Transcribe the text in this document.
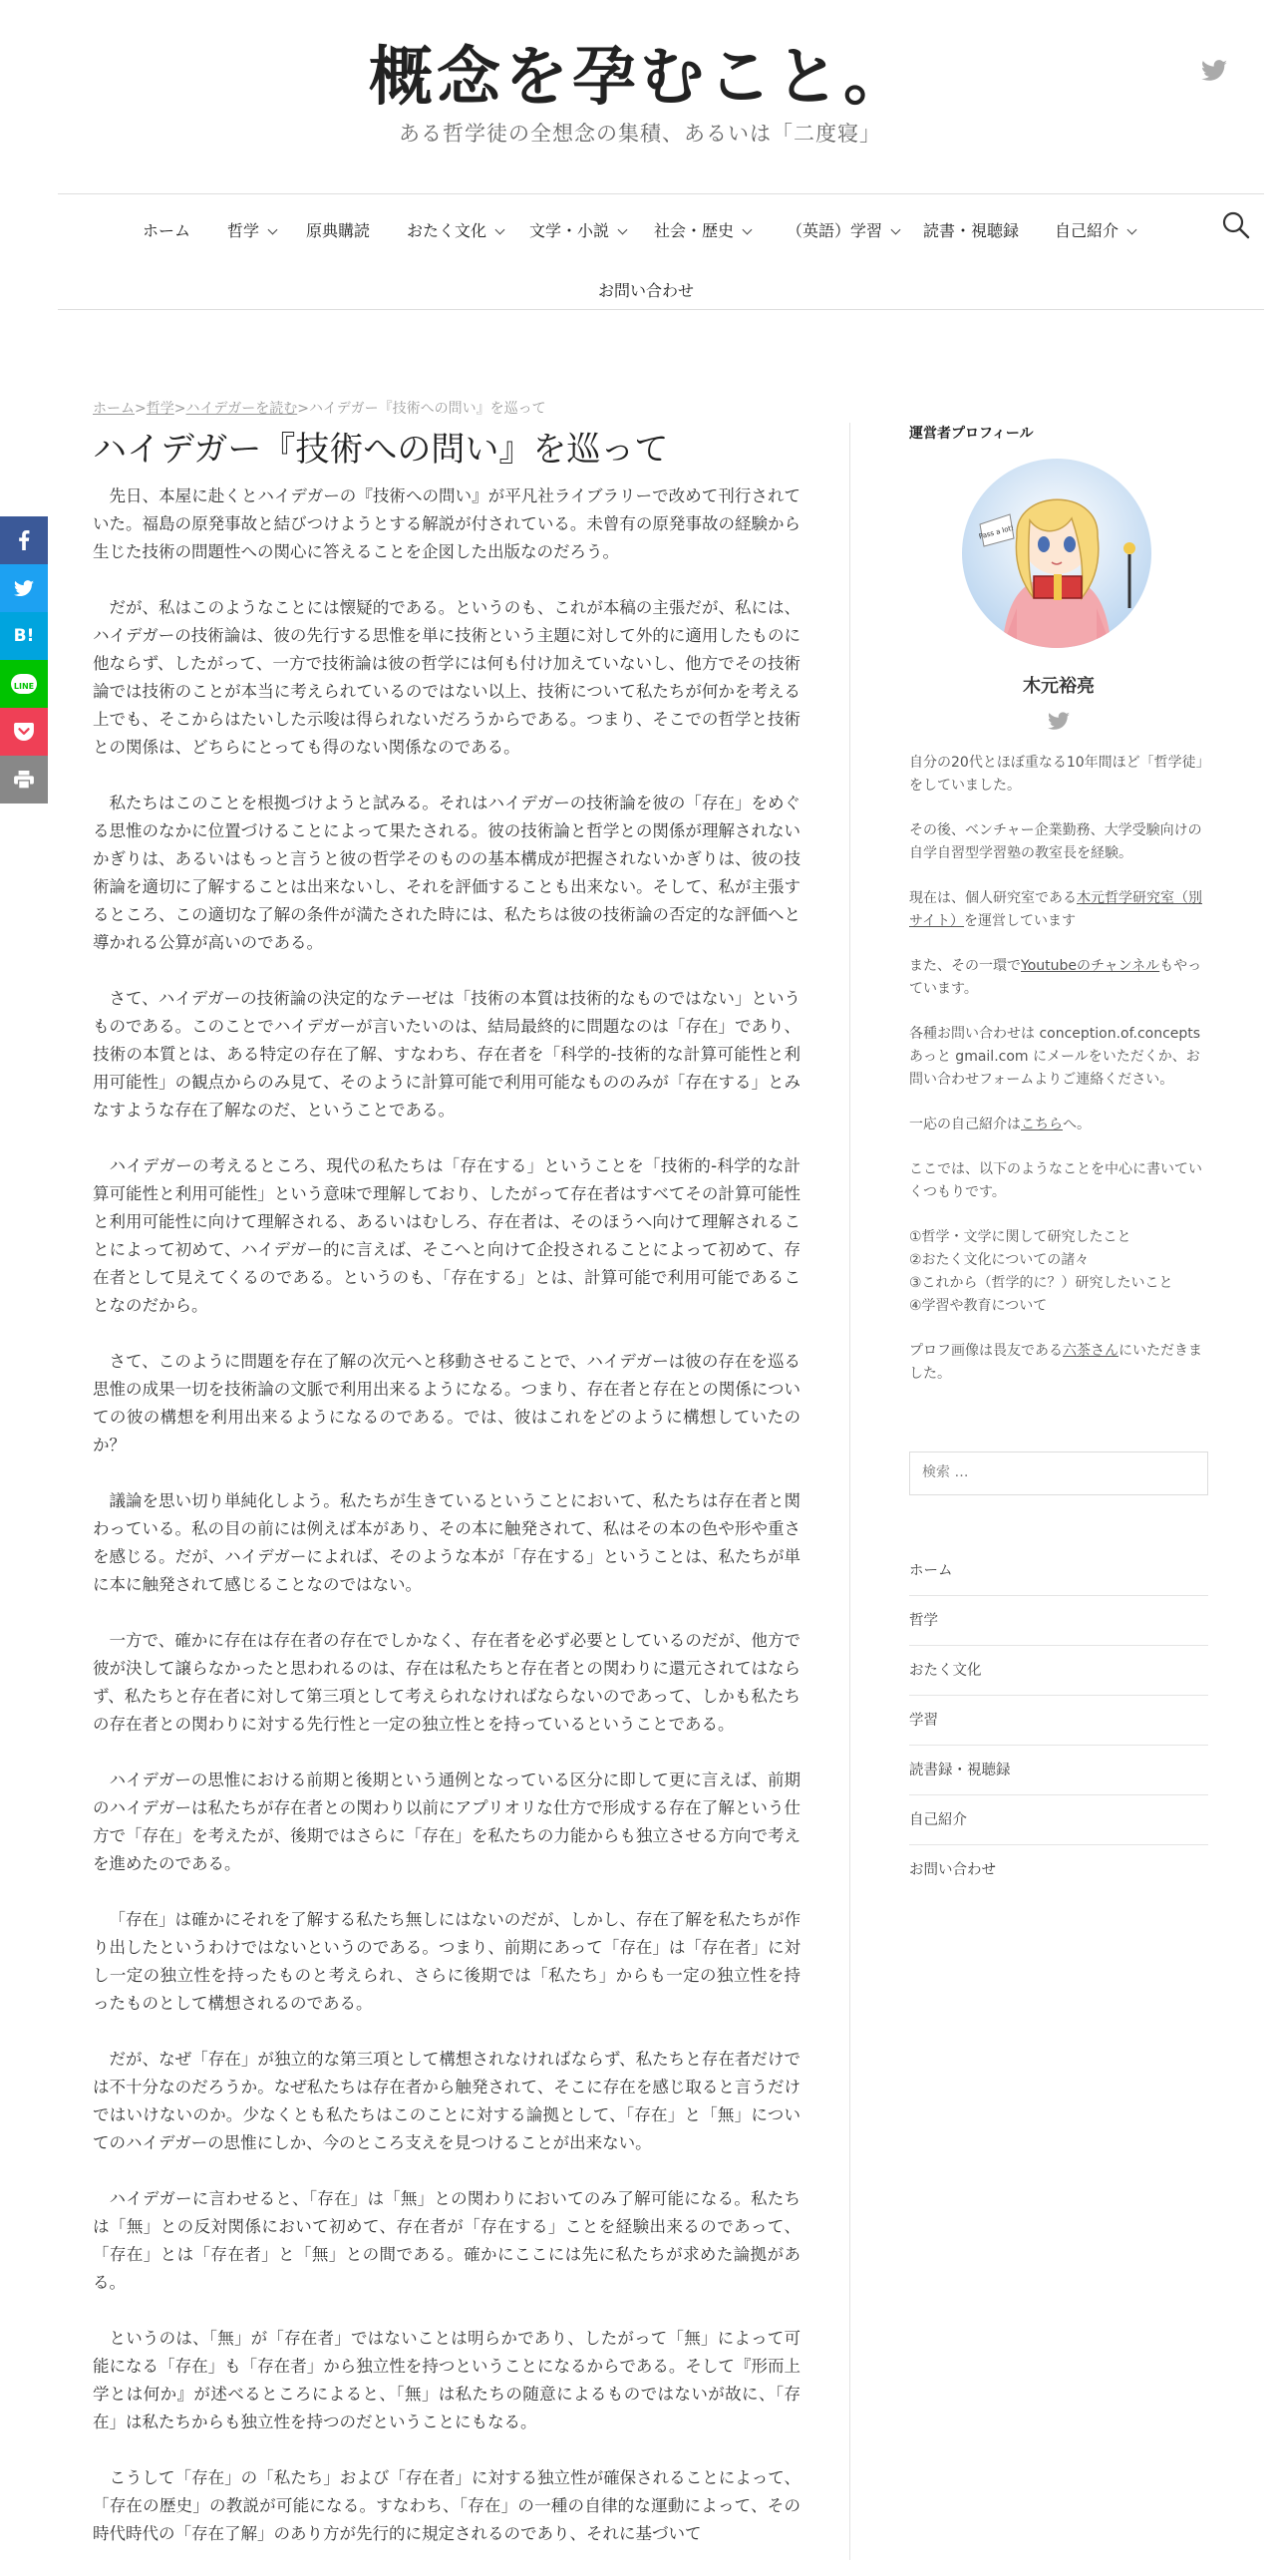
概念を孕むこと。
ある哲学徒の全想念の集積、あるいは「二度寝」
ホーム 哲学	原典購読 おたく文化	文学・小説	社会・歴史	（英語）学習	読書・視聴録 自己紹介
お問い合わせ
B!
LINE
ホーム>哲学>ハイデガーを読む>ハイデガー『技術への問い』を巡って
ハイデガー『技術への問い』を巡って

先日、本屋に赴くとハイデガーの『技術への問い』が平凡社ライブラリーで改めて刊行されていた。福島の原発事故と結びつけようとする解説が付されている。未曾有の原発事故の経験から生じた技術の問題性への関心に答えることを企図した出版なのだろう。

だが、私はこのようなことには懐疑的である。というのも、これが本稿の主張だが、私には、ハイデガーの技術論は、彼の先行する思惟を単に技術という主題に対して外的に適用したものに他ならず、したがって、一方で技術論は彼の哲学には何も付け加えていないし、他方でその技術論では技術のことが本当に考えられているのではない以上、技術について私たちが何かを考える上でも、そこからはたいした示唆は得られないだろうからである。つまり、そこでの哲学と技術との関係は、どちらにとっても得のない関係なのである。

私たちはこのことを根拠づけようと試みる。それはハイデガーの技術論を彼の「存在」をめぐる思惟のなかに位置づけることによって果たされる。彼の技術論と哲学との関係が理解されないかぎりは、あるいはもっと言うと彼の哲学そのものの基本構成が把握されないかぎりは、彼の技術論を適切に了解することは出来ないし、それを評価することも出来ない。そして、私が主張するところ、この適切な了解の条件が満たされた時には、私たちは彼の技術論の否定的な評価へと導かれる公算が高いのである。

さて、ハイデガーの技術論の決定的なテーゼは「技術の本質は技術的なものではない」というものである。このことでハイデガーが言いたいのは、結局最終的に問題なのは「存在」であり、技術の本質とは、ある特定の存在了解、すなわち、存在者を「科学的-技術的な計算可能性と利用可能性」の観点からのみ見て、そのように計算可能で利用可能なもののみが「存在する」とみなすような存在了解なのだ、ということである。

ハイデガーの考えるところ、現代の私たちは「存在する」ということを「技術的-科学的な計算可能性と利用可能性」という意味で理解しており、したがって存在者はすべてその計算可能性と利用可能性に向けて理解される、あるいはむしろ、存在者は、そのほうへ向けて理解されることによって初めて、ハイデガー的に言えば、そこへと向けて企投されることによって初めて、存在者として見えてくるのである。というのも、「存在する」とは、計算可能で利用可能であることなのだから。

さて、このように問題を存在了解の次元へと移動させることで、ハイデガーは彼の存在を巡る思惟の成果一切を技術論の文脈で利用出来るようになる。つまり、存在者と存在との関係についての彼の構想を利用出来るようになるのである。では、彼はこれをどのように構想していたのか？

議論を思い切り単純化しよう。私たちが生きているということにおいて、私たちは存在者と関わっている。私の目の前には例えば本があり、その本に触発されて、私はその本の色や形や重さを感じる。だが、ハイデガーによれば、そのような本が「存在する」ということは、私たちが単に本に触発されて感じることなのではない。

一方で、確かに存在は存在者の存在でしかなく、存在者を必ず必要としているのだが、他方で彼が決して譲らなかったと思われるのは、存在は私たちと存在者との関わりに還元されてはならず、私たちと存在者に対して第三項として考えられなければならないのであって、しかも私たちの存在者との関わりに対する先行性と一定の独立性とを持っているということである。

ハイデガーの思惟における前期と後期という通例となっている区分に即して更に言えば、前期のハイデガーは私たちが存在者との関わり以前にアプリオリな仕方で形成する存在了解という仕方で「存在」を考えたが、後期ではさらに「存在」を私たちの力能からも独立させる方向で考えを進めたのである。

「存在」は確かにそれを了解する私たち無しにはないのだが、しかし、存在了解を私たちが作り出したというわけではないというのである。つまり、前期にあって「存在」は「存在者」に対し一定の独立性を持ったものと考えられ、さらに後期では「私たち」からも一定の独立性を持ったものとして構想されるのである。

だが、なぜ「存在」が独立的な第三項として構想されなければならず、私たちと存在者だけでは不十分なのだろうか。なぜ私たちは存在者から触発されて、そこに存在を感じ取ると言うだけではいけないのか。少なくとも私たちはこのことに対する論拠として、「存在」と「無」についてのハイデガーの思惟にしか、今のところ支えを見つけることが出来ない。

ハイデガーに言わせると、「存在」は「無」との関わりにおいてのみ了解可能になる。私たちは「無」との反対関係において初めて、存在者が「存在する」ことを経験出来るのであって、「存在」とは「存在者」と「無」との間である。確かにここには先に私たちが求めた論拠がある。

というのは、「無」が「存在者」ではないことは明らかであり、したがって「無」によって可能になる「存在」も「存在者」から独立性を持つということになるからである。そして『形而上学とは何か』が述べるところによると、「無」は私たちの随意によるものではないが故に、「存在」は私たちからも独立性を持つのだということにもなる。

こうして「存在」の「私たち」および「存在者」に対する独立性が確保されることによって、「存在の歴史」の教説が可能になる。すなわち、「存在」の一種の自律的な運動によって、その時代時代の「存在了解」のあり方が先行的に規定されるのであり、それに基づいて

運営者プロフィール
Pass a lot!
木元裕亮

自分の20代とほぼ重なる10年間ほど「哲学徒」をしていました。

その後、ベンチャー企業勤務、大学受験向けの自学自習型学習塾の教室長を経験。

現在は、個人研究室である木元哲学研究室（別サイト）を運営しています

また、その一環でYoutubeのチャンネルもやっています。

各種お問い合わせは conception.of.concepts あっと gmail.com にメールをいただくか、お問い合わせフォームよりご連絡ください。

一応の自己紹介はこちらへ。

ここでは、以下のようなことを中心に書いていくつもりです。

①哲学・文学に関して研究したこと
②おたく文化についての諸々
③これから（哲学的に？）研究したいこと
④学習や教育について

プロフ画像は畏友である六茶さんにいただきました。

検索 …
ホーム
哲学
おたく文化
学習
読書録・視聴録
自己紹介
お問い合わせ
